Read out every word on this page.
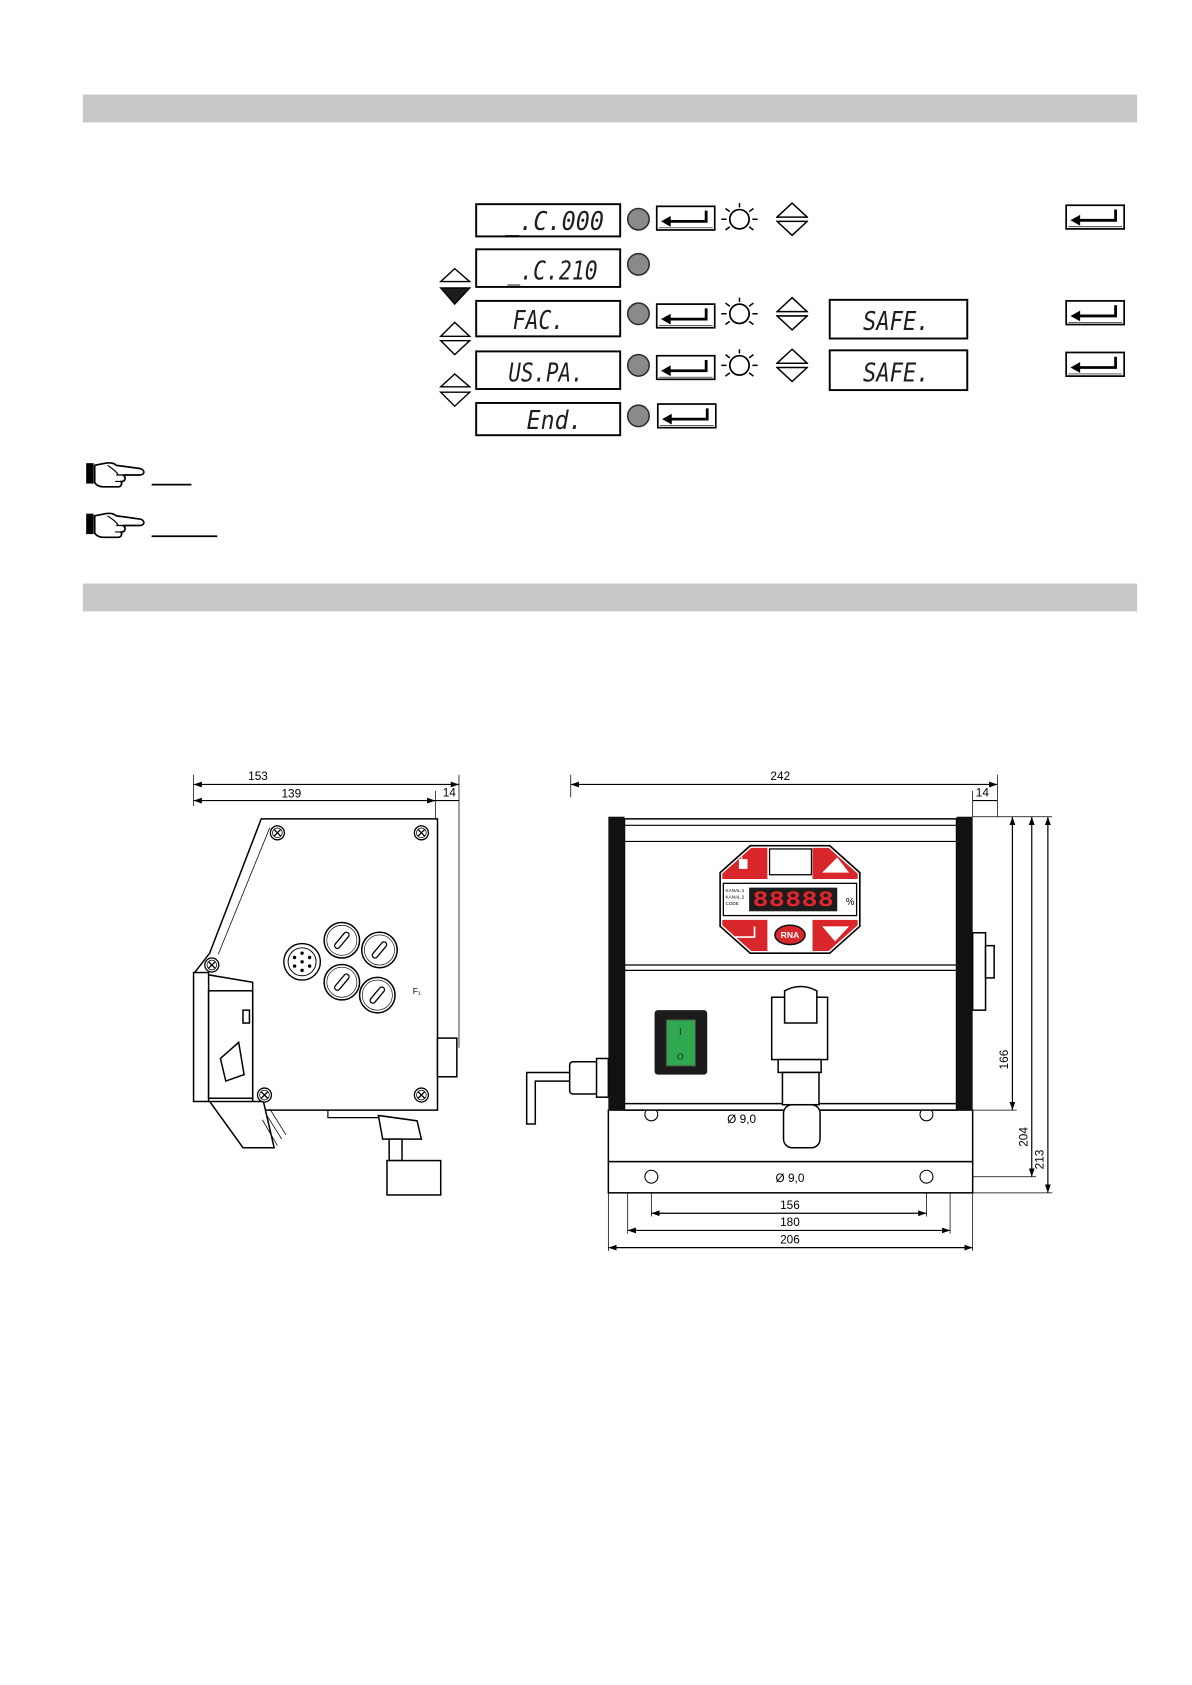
_.C.000
_.C.210
FAC.	SAFE.
US.PA.	SAFE.
End.
153
139	14
F₁
242
14
166
204
213
156
180
206
Ø 9,0
Ø 9,0
KANAL 1
KANAL 2
CODE 88888 %
RNA
I
O
